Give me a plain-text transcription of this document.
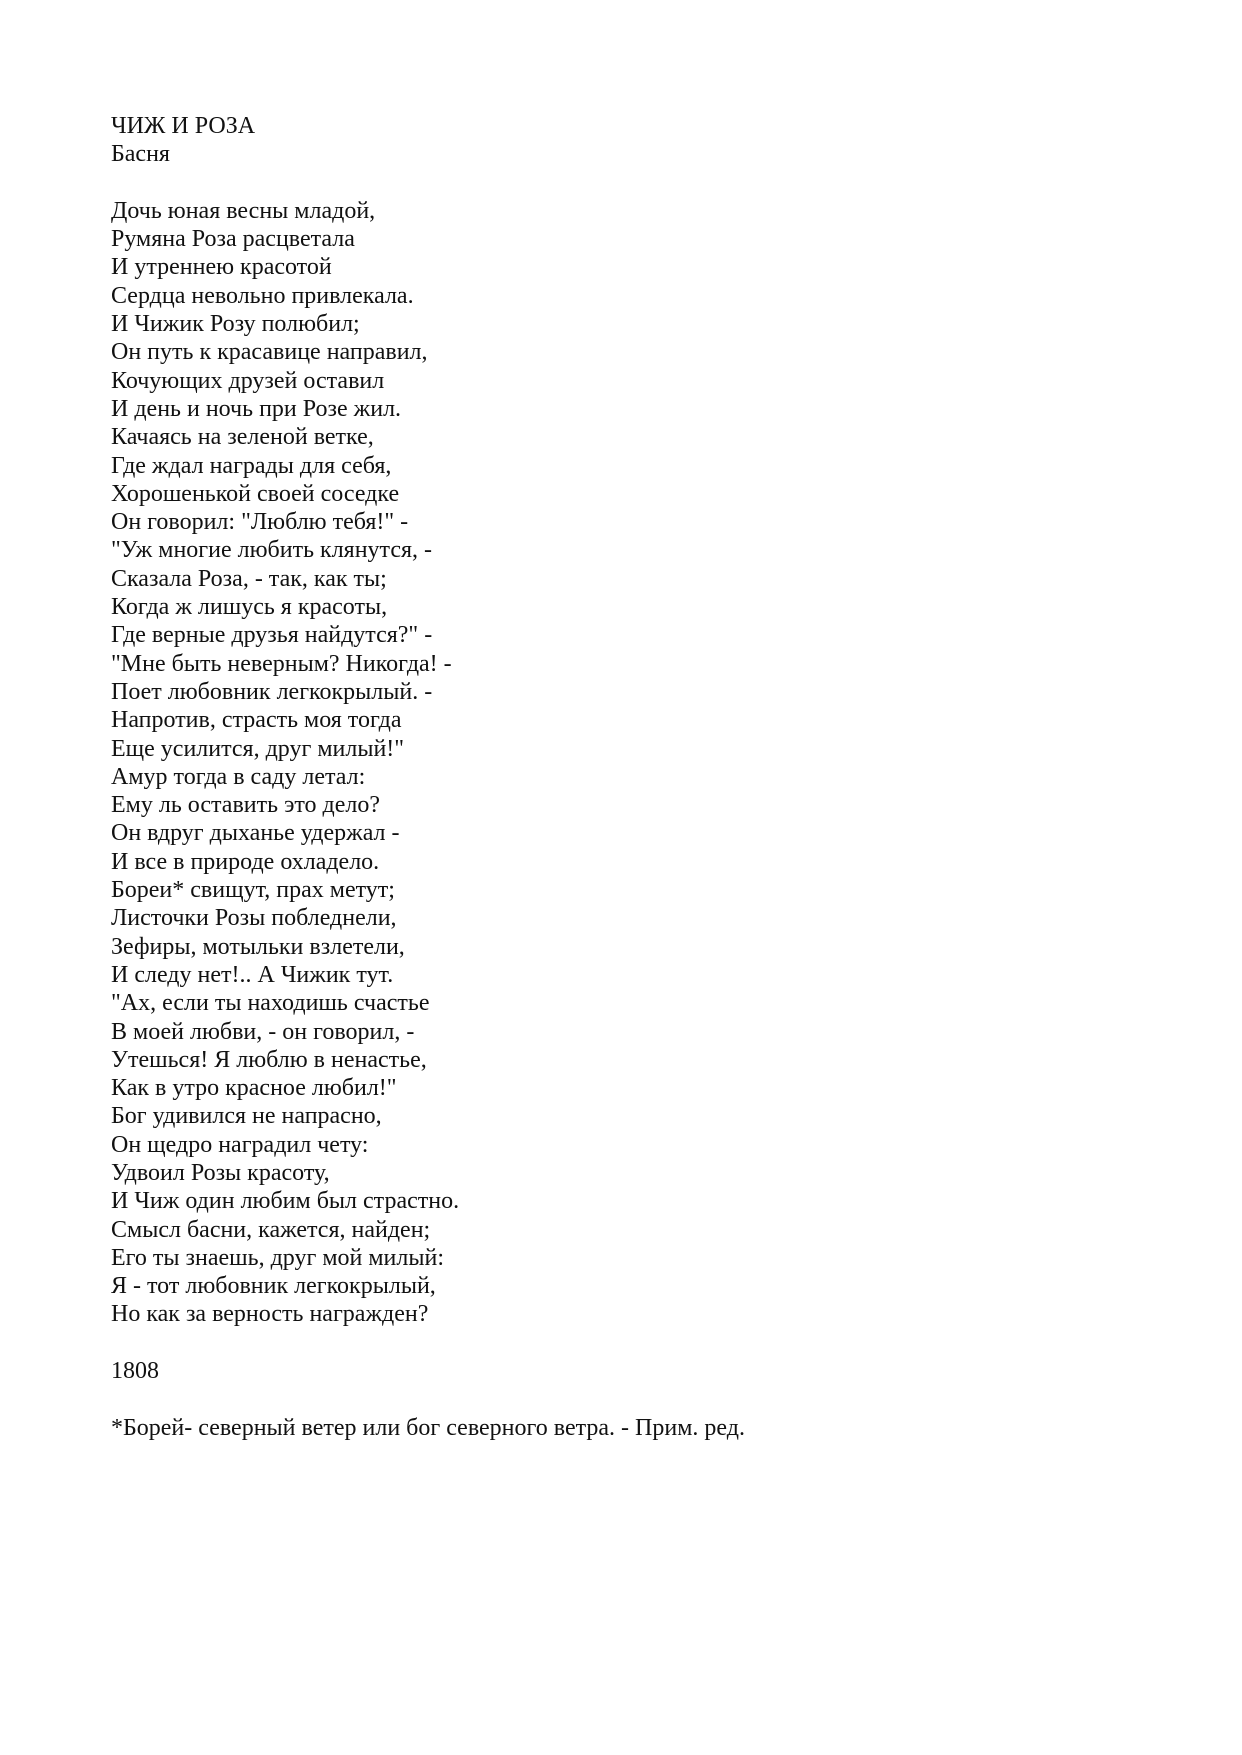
ЧИЖ И РОЗА
Басня
Дочь юная весны младой,
Румяна Роза расцветала
И утреннею красотой
Сердца невольно привлекала.
И Чижик Розу полюбил;
Он путь к красавице направил,
Кочующих друзей оставил
И день и ночь при Розе жил.
Качаясь на зеленой ветке,
Где ждал награды для себя,
Хорошенькой своей соседке
Он говорил: "Люблю тебя!" -
"Уж многие любить клянутся, -
Сказала Роза, - так, как ты;
Когда ж лишусь я красоты,
Где верные друзья найдутся?" -
"Мне быть неверным? Никогда! -
Поет любовник легкокрылый. -
Напротив, страсть моя тогда
Еще усилится, друг милый!"
Амур тогда в саду летал:
Ему ль оставить это дело?
Он вдруг дыханье удержал -
И все в природе охладело.
Бореи* свищут, прах метут;
Листочки Розы побледнели,
Зефиры, мотыльки взлетели,
И следу нет!.. А Чижик тут.
"Ах, если ты находишь счастье
В моей любви, - он говорил, -
Утешься! Я люблю в ненастье,
Как в утро красное любил!"
Бог удивился не напрасно,
Он щедро наградил чету:
Удвоил Розы красоту,
И Чиж один любим был страстно.
Смысл басни, кажется, найден;
Его ты знаешь, друг мой милый:
Я - тот любовник легкокрылый,
Но как за верность награжден?
1808
*Борей- северный ветер или бог северного ветра. - Прим. ред.
